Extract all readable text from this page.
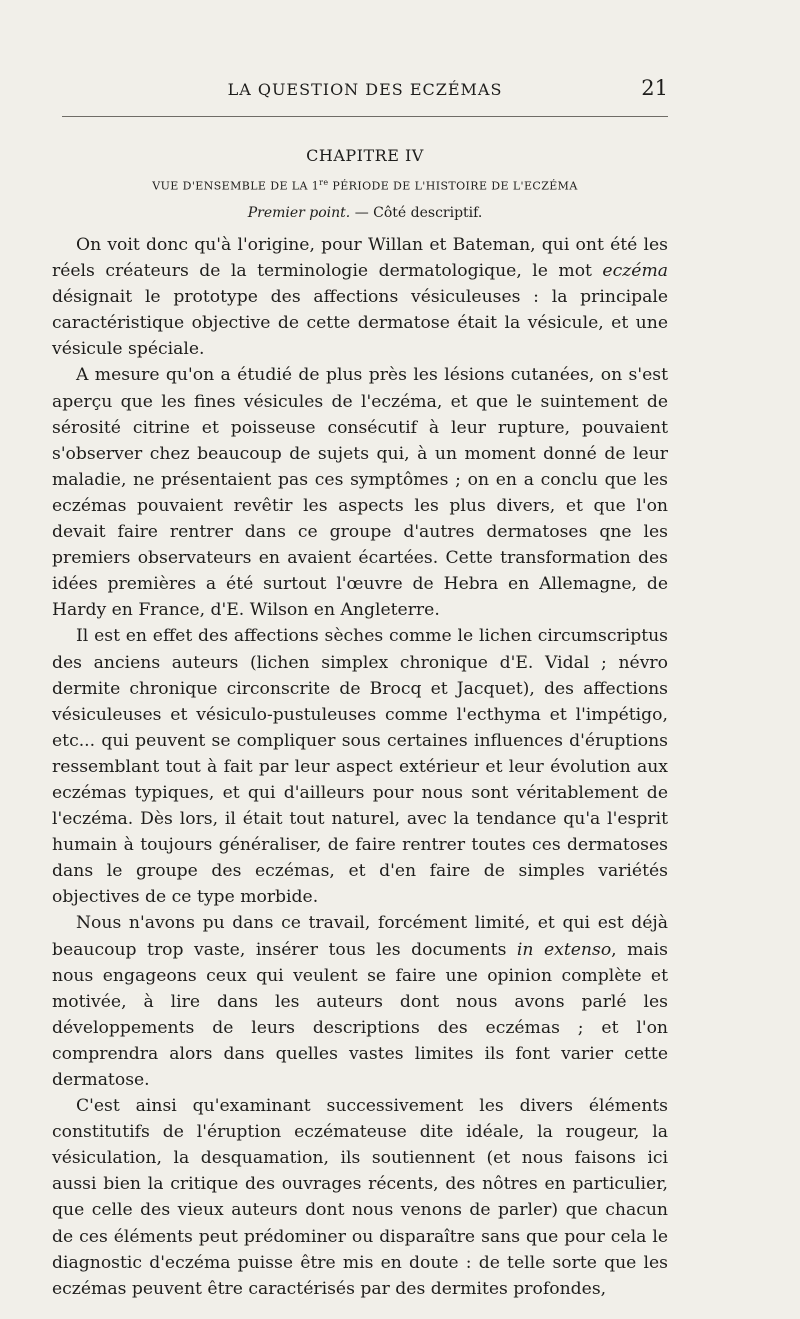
LA QUESTION DES ECZÉMAS	21
CHAPITRE IV
VUE D'ENSEMBLE DE LA 1re PÉRIODE DE L'HISTOIRE DE L'ECZÉMA
Premier point. — Côté descriptif.

On voit donc qu'à l'origine, pour Willan et Bateman, qui ont été les réels créateurs de la terminologie dermatologique, le mot eczéma désignait le prototype des affections vésiculeuses : la principale caractéristique objective de cette dermatose était la vésicule, et une vésicule spéciale.

A mesure qu'on a étudié de plus près les lésions cutanées, on s'est aperçu que les fines vésicules de l'eczéma, et que le suintement de sérosité citrine et poisseuse consécutif à leur rupture, pouvaient s'observer chez beaucoup de sujets qui, à un moment donné de leur maladie, ne présentaient pas ces symptômes ; on en a conclu que les eczémas pouvaient revêtir les aspects les plus divers, et que l'on devait faire rentrer dans ce groupe d'autres dermatoses qne les premiers observateurs en avaient écartées. Cette transformation des idées premières a été surtout l'œuvre de Hebra en Allemagne, de Hardy en France, d'E. Wilson en Angleterre.

Il est en effet des affections sèches comme le lichen circumscriptus des anciens auteurs (lichen simplex chronique d'E. Vidal ; névro dermite chronique circonscrite de Brocq et Jacquet), des affections vésiculeuses et vésiculo-pustuleuses comme l'ecthyma et l'impétigo, etc... qui peuvent se compliquer sous certaines influences d'éruptions ressemblant tout à fait par leur aspect extérieur et leur évolution aux eczémas typiques, et qui d'ailleurs pour nous sont véritablement de l'eczéma. Dès lors, il était tout naturel, avec la tendance qu'a l'esprit humain à toujours généraliser, de faire rentrer toutes ces dermatoses dans le groupe des eczémas, et d'en faire de simples variétés objectives de ce type morbide.

Nous n'avons pu dans ce travail, forcément limité, et qui est déjà beaucoup trop vaste, insérer tous les documents in extenso, mais nous engageons ceux qui veulent se faire une opinion complète et motivée, à lire dans les auteurs dont nous avons parlé les développements de leurs descriptions des eczémas ; et l'on comprendra alors dans quelles vastes limites ils font varier cette dermatose.

C'est ainsi qu'examinant successivement les divers éléments constitutifs de l'éruption eczémateuse dite idéale, la rougeur, la vésiculation, la desquamation, ils soutiennent (et nous faisons ici aussi bien la critique des ouvrages récents, des nôtres en particulier, que celle des vieux auteurs dont nous venons de parler) que chacun de ces éléments peut prédominer ou disparaître sans que pour cela le diagnostic d'eczéma puisse être mis en doute : de telle sorte que les eczémas peuvent être caractérisés par des dermites profondes,
